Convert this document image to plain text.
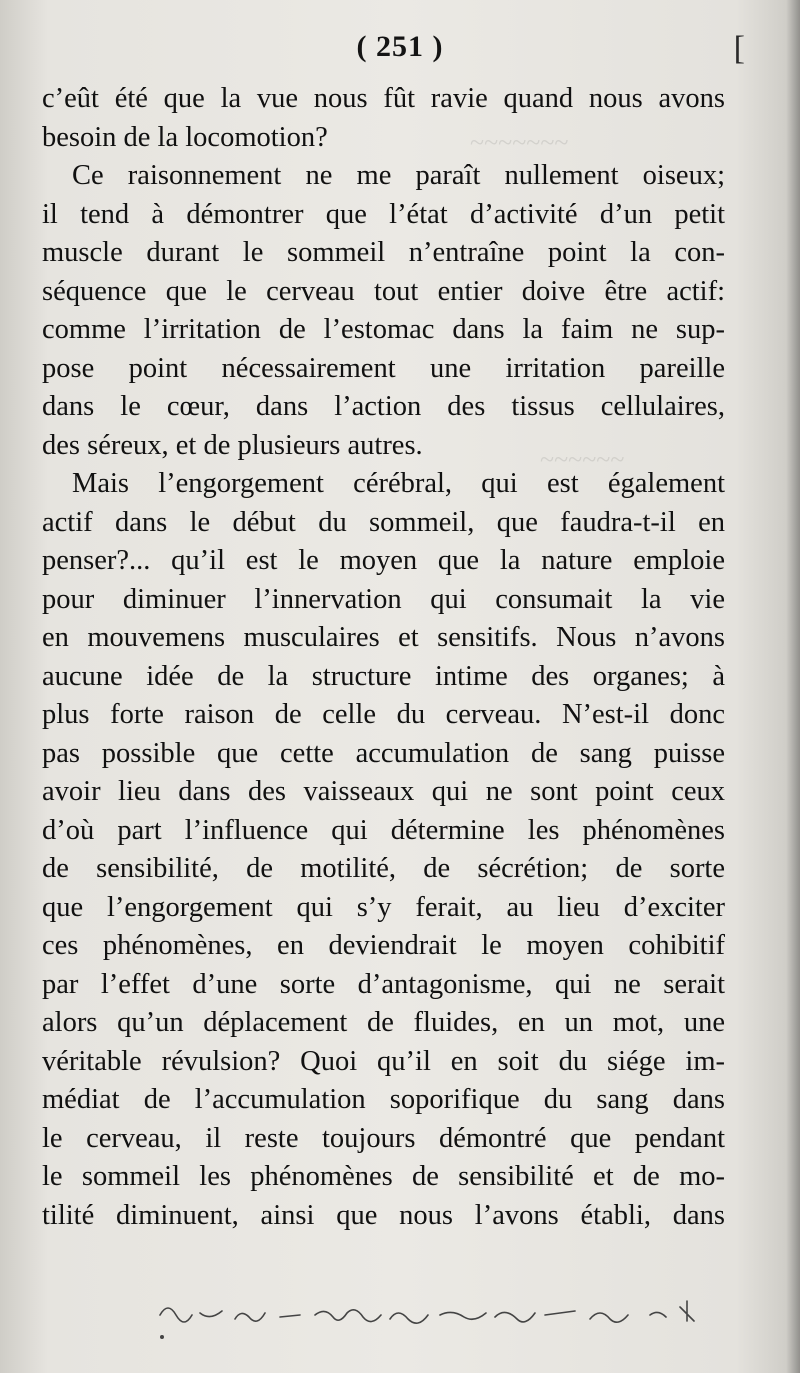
~~~~~~~
~~~~~~
( 251 )	[
c’eût été que la vue nous fût ravie quand nous avons
besoin de la locomotion?
Ce raisonnement ne me paraît nullement oiseux;
il tend à démontrer que l’état d’activité d’un petit
muscle durant le sommeil n’entraîne point la con-
séquence que le cerveau tout entier doive être actif:
comme l’irritation de l’estomac dans la faim ne sup-
pose point nécessairement une irritation pareille
dans le cœur, dans l’action des tissus cellulaires,
des séreux, et de plusieurs autres.
Mais l’engorgement cérébral, qui est également
actif dans le début du sommeil, que faudra-t-il en
penser?... qu’il est le moyen que la nature emploie
pour diminuer l’innervation qui consumait la vie
en mouvemens musculaires et sensitifs. Nous n’avons
aucune idée de la structure intime des organes; à
plus forte raison de celle du cerveau. N’est-il donc
pas possible que cette accumulation de sang puisse
avoir lieu dans des vaisseaux qui ne sont point ceux
d’où part l’influence qui détermine les phénomènes
de sensibilité, de motilité, de sécrétion; de sorte
que l’engorgement qui s’y ferait, au lieu d’exciter
ces phénomènes, en deviendrait le moyen cohibitif
par l’effet d’une sorte d’antagonisme, qui ne serait
alors qu’un déplacement de fluides, en un mot, une
véritable révulsion? Quoi qu’il en soit du siége im-
médiat de l’accumulation soporifique du sang dans
le cerveau, il reste toujours démontré que pendant
le sommeil les phénomènes de sensibilité et de mo-
tilité diminuent, ainsi que nous l’avons établi, dans
